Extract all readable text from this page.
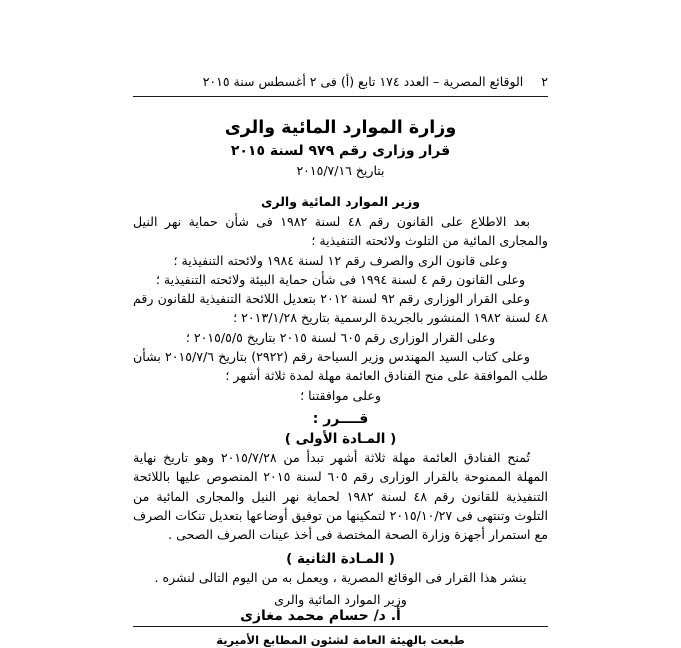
٢
الوقائع المصرية – العدد ١٧٤ تابع (أ) فى ٢ أغسطس سنة ٢٠١٥
وزارة الموارد المائية والرى
قرار وزارى رقم ٩٧٩ لسنة ٢٠١٥
بتاريخ ٢٠١٥/٧/١٦
وزير الموارد المائية والرى

بعد الاطلاع على القانون رقم ٤٨ لسنة ١٩٨٢ فى شأن حماية نهر النيل والمجارى المائية من التلوث ولائحته التنفيذية ؛

وعلى قانون الرى والصرف رقم ١٢ لسنة ١٩٨٤ ولائحته التنفيذية ؛

وعلى القانون رقم ٤ لسنة ١٩٩٤ فى شأن حماية البيئة ولائحته التنفيذية ؛

وعلى القرار الوزارى رقم ٩٢ لسنة ٢٠١٢ بتعديل اللائحة التنفيذية للقانون رقم ٤٨ لسنة ١٩٨٢ المنشور بالجريدة الرسمية بتاريخ ٢٠١٣/١/٢٨ ؛

وعلى القرار الوزارى رقم ٦٠٥ لسنة ٢٠١٥ بتاريخ ٢٠١٥/٥/٥ ؛

وعلى كتاب السيد المهندس وزير السياحة رقم (٢٩٢٢) بتاريخ ٢٠١٥/٧/٦ بشأن طلب الموافقة على منح الفنادق العائمة مهلة لمدة ثلاثة أشهر ؛

وعلى موافقتنا ؛

قــــرر :
( المـادة الأولى )

تُمنح الفنادق العائمة مهلة ثلاثة أشهر تبدأ من ٢٠١٥/٧/٢٨ وهو تاريخ نهاية المهلة الممنوحة بالقرار الوزارى رقم ٦٠٥ لسنة ٢٠١٥ المنصوص عليها باللائحة التنفيذية للقانون رقم ٤٨ لسنة ١٩٨٢ لحماية نهر النيل والمجارى المائية من التلوث وتنتهى فى ٢٠١٥/١٠/٢٧ لتمكينها من توفيق أوضاعها بتعديل تنكات الصرف مع استمرار أجهزة وزارة الصحة المختصة فى أخذ عينات الصرف الصحى .

( المـادة الثانية )

ينشر هذا القرار فى الوقائع المصرية ، ويعمل به من اليوم التالى لنشره .

وزير الموارد المائية والرى
أ. د/ حسام محمد مغازى
طبعت بالهيئة العامة لشئون المطابع الأميرية
